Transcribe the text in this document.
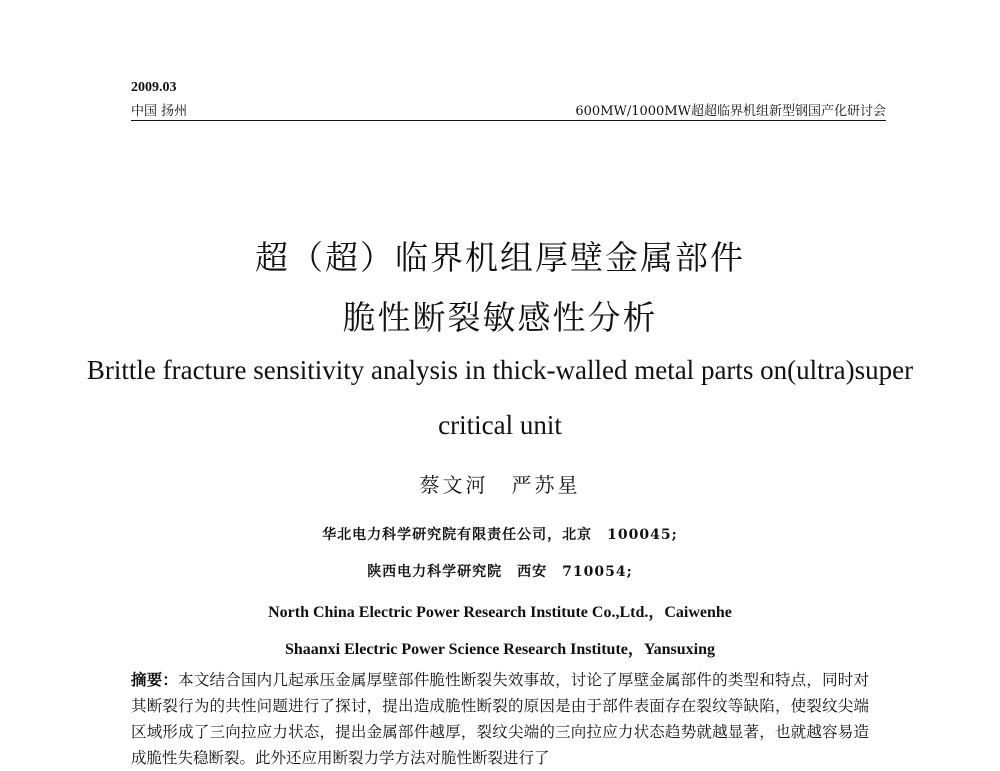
2009.03
中国 扬州	600MW/1000MW超超临界机组新型钢国产化研讨会
超（超）临界机组厚壁金属部件
脆性断裂敏感性分析
Brittle fracture sensitivity analysis in thick-walled metal parts on(ultra)super
critical unit
蔡文河　严苏星
华北电力科学研究院有限责任公司，北京　100045;
陕西电力科学研究院　西安　710054;
North China Electric Power Research Institute Co.,Ltd.，Caiwenhe
Shaanxi Electric Power Science Research Institute，Yansuxing
摘要：本文结合国内几起承压金属厚壁部件脆性断裂失效事故，讨论了厚壁金属部件的类型和特点，同时对其断裂行为的共性问题进行了探讨，提出造成脆性断裂的原因是由于部件表面存在裂纹等缺陷，使裂纹尖端区域形成了三向拉应力状态，提出金属部件越厚，裂纹尖端的三向拉应力状态趋势就越显著，也就越容易造成脆性失稳断裂。此外还应用断裂力学方法对脆性断裂进行了
